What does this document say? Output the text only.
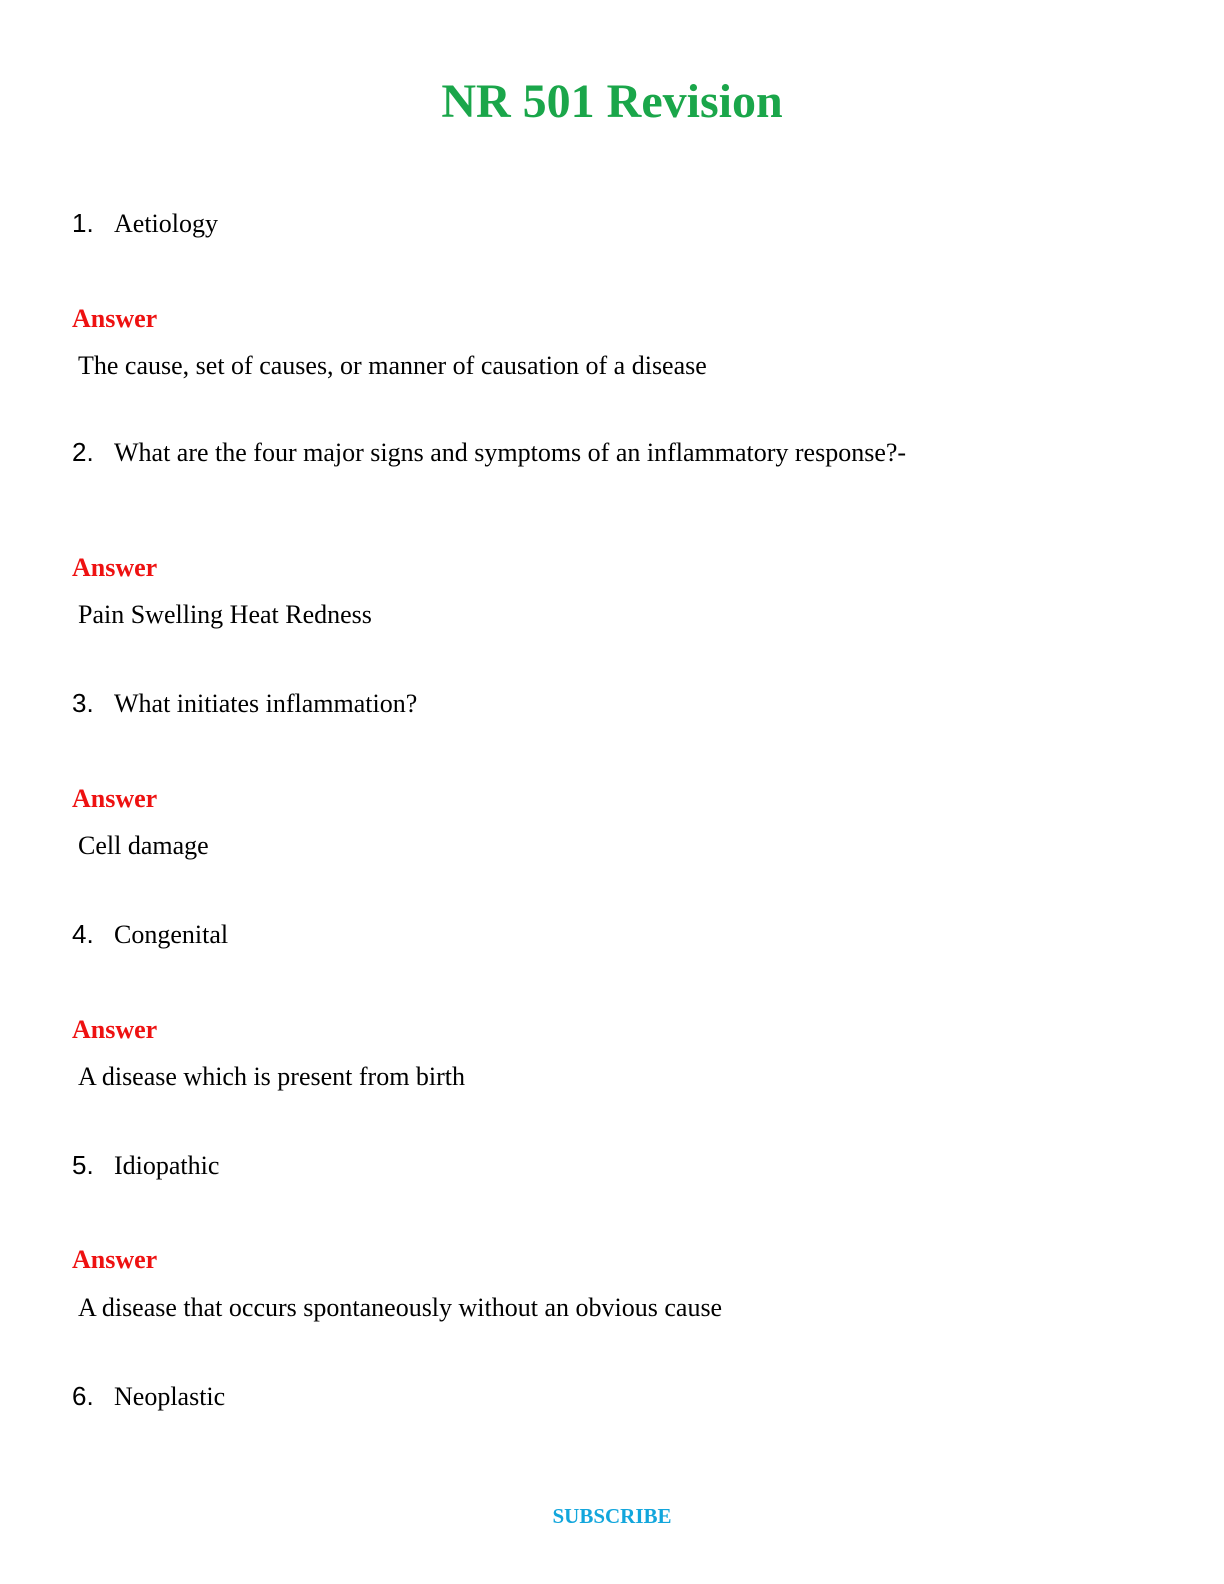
NR 501 Revision
1. Aetiology
Answer
The cause, set of causes, or manner of causation of a disease
2. What are the four major signs and symptoms of an inflammatory response?-
Answer
Pain Swelling Heat Redness
3. What initiates inflammation?
Answer
Cell damage
4. Congenital
Answer
A disease which is present from birth
5. Idiopathic
Answer
A disease that occurs spontaneously without an obvious cause
6. Neoplastic
SUBSCRIBE
